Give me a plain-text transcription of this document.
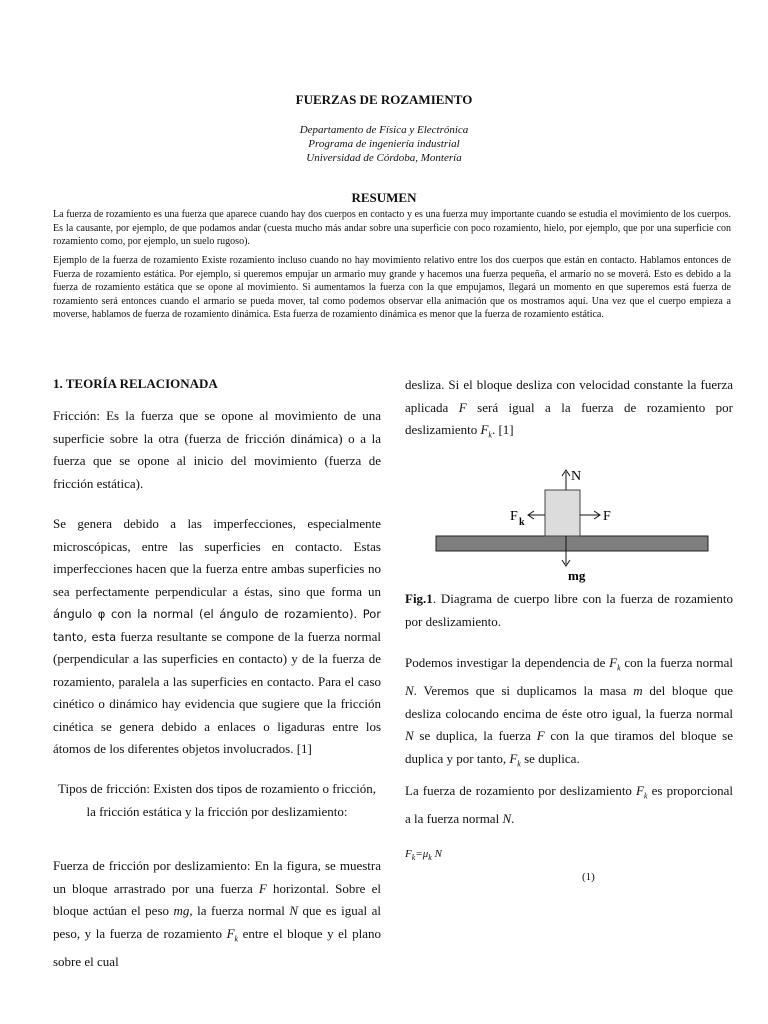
FUERZAS DE ROZAMIENTO
Departamento de Física y Electrónica
Programa de ingeniería industrial
Universidad de Córdoba, Montería
RESUMEN

La fuerza de rozamiento es una fuerza que aparece cuando hay dos cuerpos en contacto y es una fuerza muy importante cuando se estudia el movimiento de los cuerpos. Es la causante, por ejemplo, de que podamos andar (cuesta mucho más andar sobre una superficie con poco rozamiento, hielo, por ejemplo, que por una superficie con rozamiento como, por ejemplo, un suelo rugoso).

Ejemplo de la fuerza de rozamiento Existe rozamiento incluso cuando no hay movimiento relativo entre los dos cuerpos que están en contacto. Hablamos entonces de Fuerza de rozamiento estática. Por ejemplo, si queremos empujar un armario muy grande y hacemos una fuerza pequeña, el armario no se moverá. Esto es debido a la fuerza de rozamiento estática que se opone al movimiento. Si aumentamos la fuerza con la que empujamos, llegará un momento en que superemos está fuerza de rozamiento será entonces cuando el armario se pueda mover, tal como podemos observar ella animación que os mostramos aquí. Una vez que el cuerpo empieza a moverse, hablamos de fuerza de rozamiento dinámica. Esta fuerza de rozamiento dinámica es menor que la fuerza de rozamiento estática.

1. TEORÍA RELACIONADA

Fricción: Es la fuerza que se opone al movimiento de una superficie sobre la otra (fuerza de fricción dinámica) o a la fuerza que se opone al inicio del movimiento (fuerza de fricción estática).

Se genera debido a las imperfecciones, especialmente microscópicas, entre las superficies en contacto. Estas imperfecciones hacen que la fuerza entre ambas superficies no sea perfectamente perpendicular a éstas, sino que forma un ángulo φ con la normal (el ángulo de rozamiento). Por tanto, esta fuerza resultante se compone de la fuerza normal (perpendicular a las superficies en contacto) y de la fuerza de rozamiento, paralela a las superficies en contacto. Para el caso cinético o dinámico hay evidencia que sugiere que la fricción cinética se genera debido a enlaces o ligaduras entre los átomos de los diferentes objetos involucrados. [1]

Tipos de fricción: Existen dos tipos de rozamiento o fricción, la fricción estática y la fricción por deslizamiento:

Fuerza de fricción por deslizamiento: En la figura, se muestra un bloque arrastrado por una fuerza F horizontal. Sobre el bloque actúan el peso mg, la fuerza normal N que es igual al peso, y la fuerza de rozamiento $F_k$ entre el bloque y el plano sobre el cual
desliza. Si el bloque desliza con velocidad constante la fuerza aplicada F será igual a la fuerza de rozamiento por deslizamiento $F_k$. [1]
N
F
F k
mg
Fig.1. Diagrama de cuerpo libre con la fuerza de rozamiento por deslizamiento.
Podemos investigar la dependencia de $F_k$ con la fuerza normal N. Veremos que si duplicamos la masa m del bloque que desliza colocando encima de éste otro igual, la fuerza normal N se duplica, la fuerza F con la que tiramos del bloque se duplica y por tanto, $F_k$ se duplica.
La fuerza de rozamiento por deslizamiento $F_k$ es proporcional a la fuerza normal N.
$F_k=\mu_k$ N
(1)
